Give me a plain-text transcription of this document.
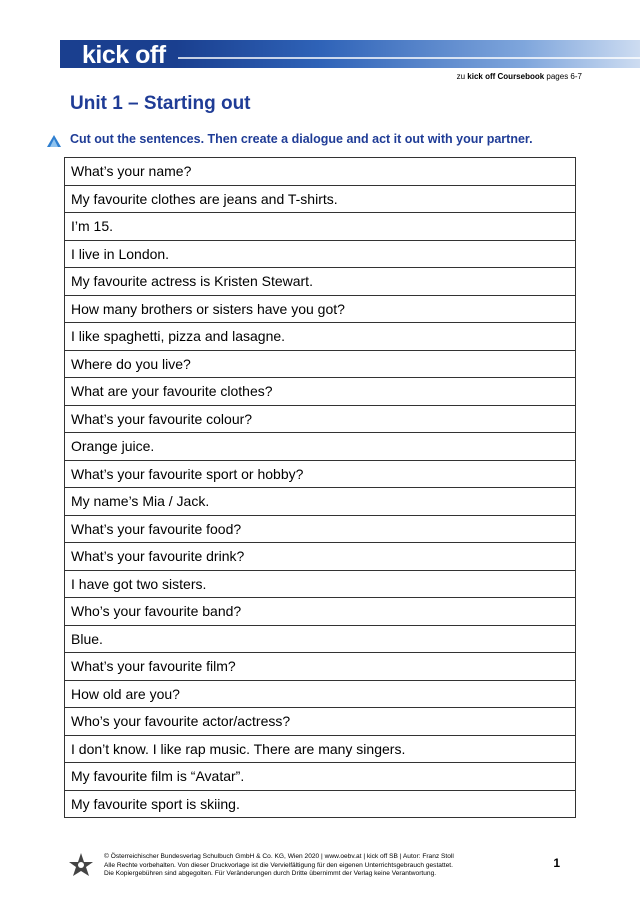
kick off
zu kick off Coursebook pages 6-7
Unit 1 – Starting out
Cut out the sentences. Then create a dialogue and act it out with your partner.
What’s your name?
My favourite clothes are jeans and T-shirts.
I’m 15.
I live in London.
My favourite actress is Kristen Stewart.
How many brothers or sisters have you got?
I like spaghetti, pizza and lasagne.
Where do you live?
What are your favourite clothes?
What’s your favourite colour?
Orange juice.
What’s your favourite sport or hobby?
My name’s Mia / Jack.
What’s your favourite food?
What’s your favourite drink?
I have got two sisters.
Who’s your favourite band?
Blue.
What’s your favourite film?
How old are you?
Who’s your favourite actor/actress?
I don’t know. I like rap music. There are many singers.
My favourite film is “Avatar”.
My favourite sport is skiing.
© Österreichischer Bundesverlag Schulbuch GmbH & Co. KG, Wien 2020 | www.oebv.at | kick off SB | Autor: Franz Stoll
Alle Rechte vorbehalten. Von dieser Druckvorlage ist die Vervielfältigung für den eigenen Unterrichtsgebrauch gestattet.
Die Kopiergebühren sind abgegolten. Für Veränderungen durch Dritte übernimmt der Verlag keine Verantwortung.
1
